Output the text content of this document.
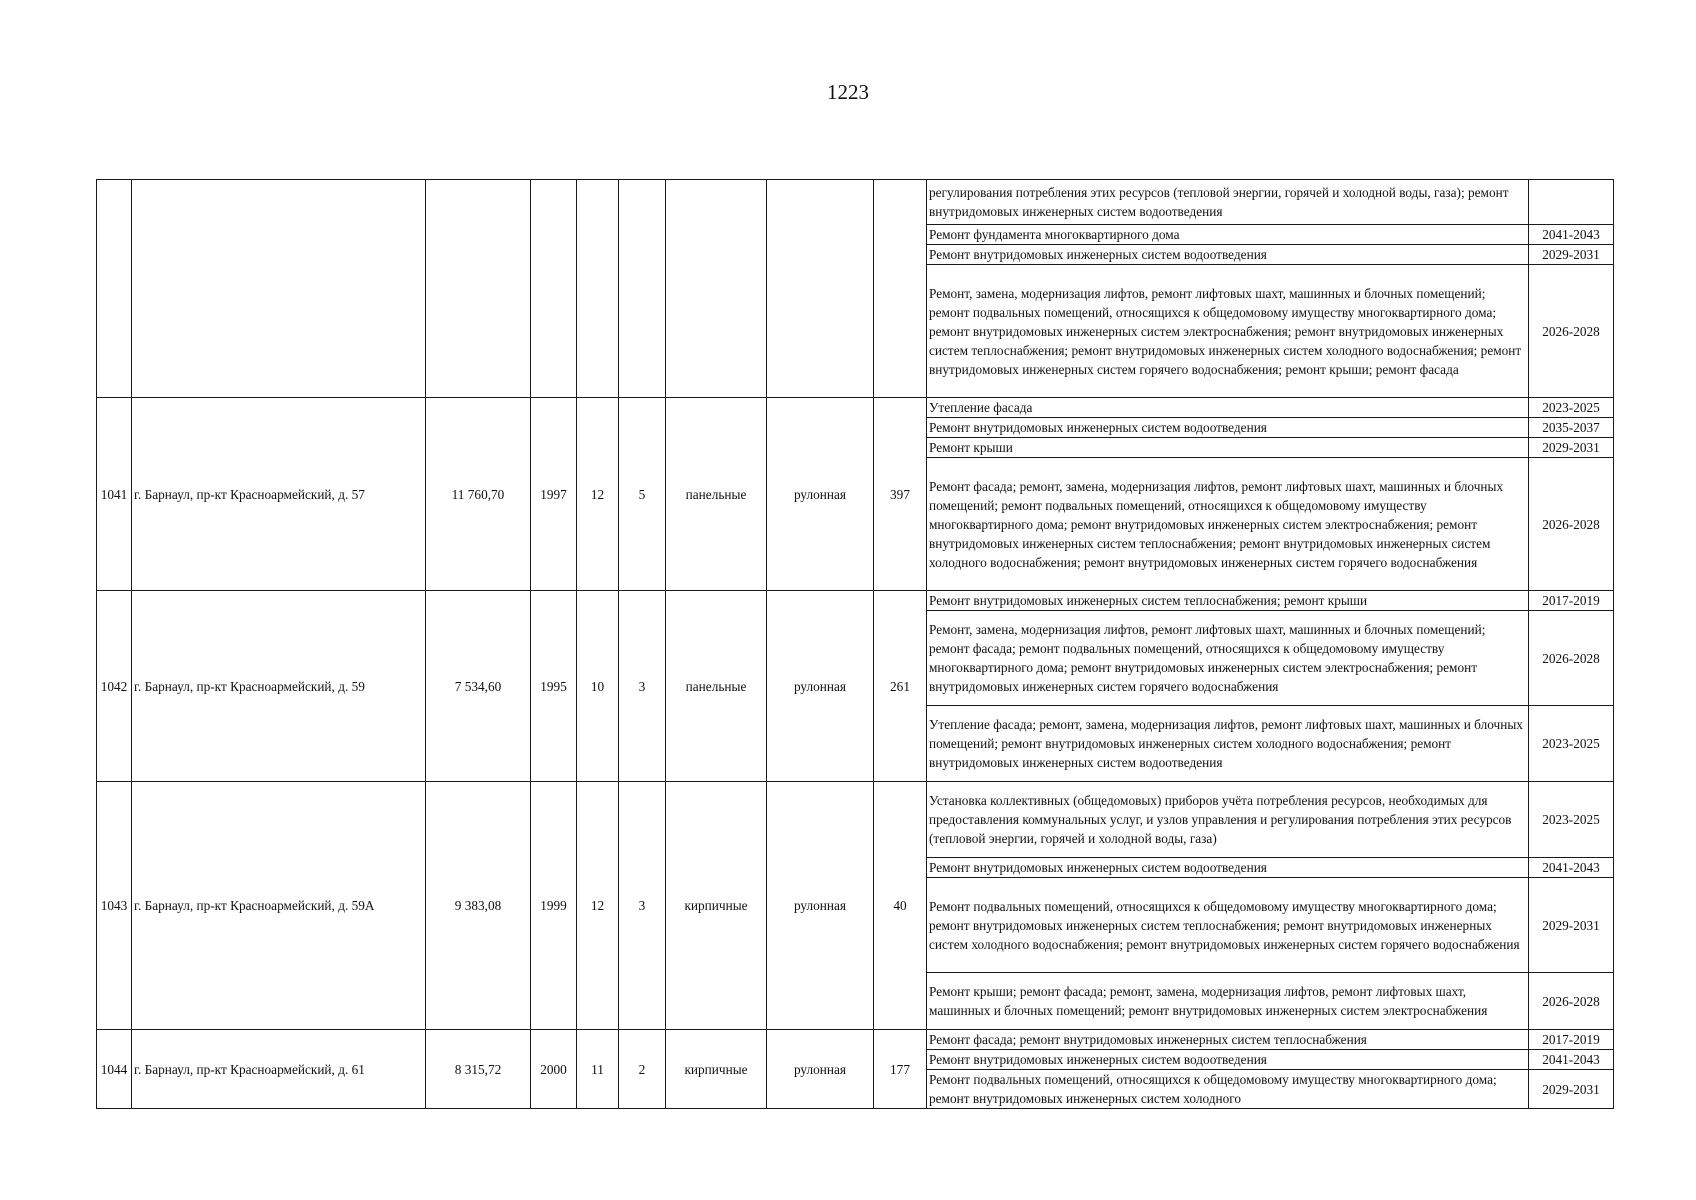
1223
									регулирования потребления этих ресурсов (тепловой энергии, горячей и холодной воды, газа); ремонт внутридомовых инженерных систем водоотведения	
									Ремонт фундамента многоквартирного дома	2041-2043
									Ремонт внутридомовых инженерных систем водоотведения	2029-2031
									Ремонт, замена, модернизация лифтов, ремонт лифтовых шахт, машинных и блочных помещений; ремонт подвальных помещений, относящихся к общедомовому имуществу многоквартирного дома; ремонт внутридомовых инженерных систем электроснабжения; ремонт внутридомовых инженерных систем теплоснабжения; ремонт внутридомовых инженерных систем холодного водоснабжения; ремонт внутридомовых инженерных систем горячего водоснабжения; ремонт крыши; ремонт фасада	2026-2028
1041	г. Барнаул, пр-кт Красноармейский, д. 57	11 760,70	1997	12	5	панельные	рулонная	397	Утепление фасада	2023-2025
									Ремонт внутридомовых инженерных систем водоотведения	2035-2037
									Ремонт крыши	2029-2031
									Ремонт фасада; ремонт, замена, модернизация лифтов, ремонт лифтовых шахт, машинных и блочных помещений; ремонт подвальных помещений, относящихся к общедомовому имуществу многоквартирного дома; ремонт внутридомовых инженерных систем электроснабжения; ремонт внутридомовых инженерных систем теплоснабжения; ремонт внутридомовых инженерных систем холодного водоснабжения; ремонт внутридомовых инженерных систем горячего водоснабжения	2026-2028
1042	г. Барнаул, пр-кт Красноармейский, д. 59	7 534,60	1995	10	3	панельные	рулонная	261	Ремонт внутридомовых инженерных систем теплоснабжения; ремонт крыши	2017-2019
									Ремонт, замена, модернизация лифтов, ремонт лифтовых шахт, машинных и блочных помещений; ремонт фасада; ремонт подвальных помещений, относящихся к общедомовому имуществу многоквартирного дома; ремонт внутридомовых инженерных систем электроснабжения; ремонт внутридомовых инженерных систем горячего водоснабжения	2026-2028
									Утепление фасада; ремонт, замена, модернизация лифтов, ремонт лифтовых шахт, машинных и блочных помещений; ремонт внутридомовых инженерных систем холодного водоснабжения; ремонт внутридомовых инженерных систем водоотведения	2023-2025
1043	г. Барнаул, пр-кт Красноармейский, д. 59А	9 383,08	1999	12	3	кирпичные	рулонная	40	Установка коллективных (общедомовых) приборов учёта потребления ресурсов, необходимых для предоставления коммунальных услуг, и узлов управления и регулирования потребления этих ресурсов (тепловой энергии, горячей и холодной воды, газа)	2023-2025
									Ремонт внутридомовых инженерных систем водоотведения	2041-2043
									Ремонт подвальных помещений, относящихся к общедомовому имуществу многоквартирного дома; ремонт внутридомовых инженерных систем теплоснабжения; ремонт внутридомовых инженерных систем холодного водоснабжения; ремонт внутридомовых инженерных систем горячего водоснабжения	2029-2031
									Ремонт крыши; ремонт фасада; ремонт, замена, модернизация лифтов, ремонт лифтовых шахт, машинных и блочных помещений; ремонт внутридомовых инженерных систем электроснабжения	2026-2028
1044	г. Барнаул, пр-кт Красноармейский, д. 61	8 315,72	2000	11	2	кирпичные	рулонная	177	Ремонт фасада; ремонт внутридомовых инженерных систем теплоснабжения	2017-2019
									Ремонт внутридомовых инженерных систем водоотведения	2041-2043
									Ремонт подвальных помещений, относящихся к общедомовому имуществу многоквартирного дома; ремонт внутридомовых инженерных систем холодного	2029-2031
